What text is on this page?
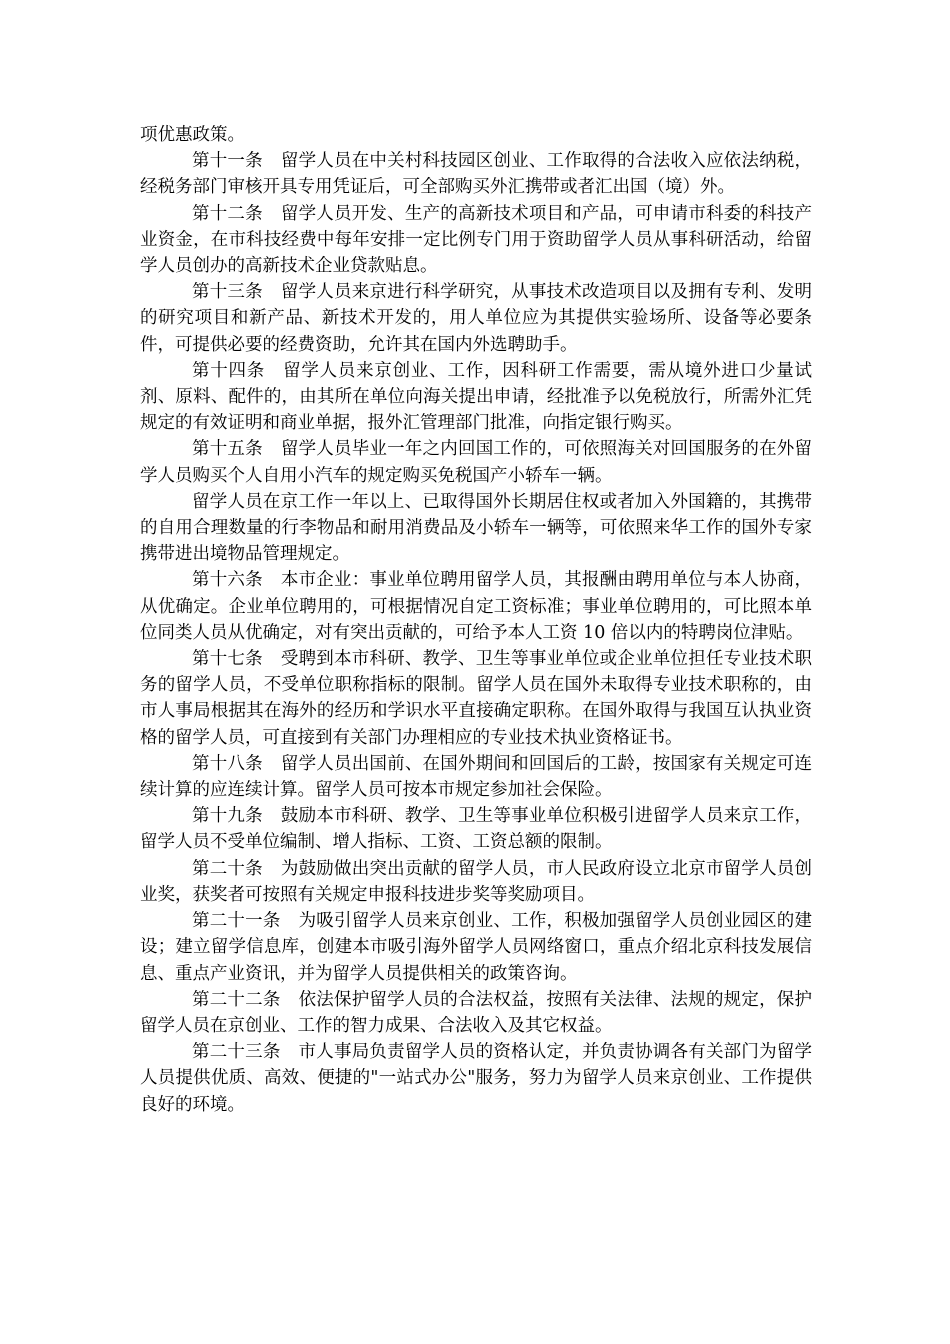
项优惠政策。

第十一条 留学人员在中关村科技园区创业、工作取得的合法收入应依法纳税，经税务部门审核开具专用凭证后，可全部购买外汇携带或者汇出国（境）外。

第十二条 留学人员开发、生产的高新技术项目和产品，可申请市科委的科技产业资金，在市科技经费中每年安排一定比例专门用于资助留学人员从事科研活动，给留学人员创办的高新技术企业贷款贴息。

第十三条 留学人员来京进行科学研究，从事技术改造项目以及拥有专利、发明的研究项目和新产品、新技术开发的，用人单位应为其提供实验场所、设备等必要条件，可提供必要的经费资助，允许其在国内外选聘助手。

第十四条 留学人员来京创业、工作，因科研工作需要，需从境外进口少量试剂、原料、配件的，由其所在单位向海关提出申请，经批准予以免税放行，所需外汇凭规定的有效证明和商业单据，报外汇管理部门批准，向指定银行购买。

第十五条 留学人员毕业一年之内回国工作的，可依照海关对回国服务的在外留学人员购买个人自用小汽车的规定购买免税国产小轿车一辆。

留学人员在京工作一年以上、已取得国外长期居住权或者加入外国籍的，其携带的自用合理数量的行李物品和耐用消费品及小轿车一辆等，可依照来华工作的国外专家携带进出境物品管理规定。

第十六条 本市企业：事业单位聘用留学人员，其报酬由聘用单位与本人协商，从优确定。企业单位聘用的，可根据情况自定工资标准；事业单位聘用的，可比照本单位同类人员从优确定，对有突出贡献的，可给予本人工资 10 倍以内的特聘岗位津贴。

第十七条 受聘到本市科研、教学、卫生等事业单位或企业单位担任专业技术职务的留学人员，不受单位职称指标的限制。留学人员在国外未取得专业技术职称的，由市人事局根据其在海外的经历和学识水平直接确定职称。在国外取得与我国互认执业资格的留学人员，可直接到有关部门办理相应的专业技术执业资格证书。

第十八条 留学人员出国前、在国外期间和回国后的工龄，按国家有关规定可连续计算的应连续计算。留学人员可按本市规定参加社会保险。

第十九条 鼓励本市科研、教学、卫生等事业单位积极引进留学人员来京工作，留学人员不受单位编制、增人指标、工资、工资总额的限制。

第二十条 为鼓励做出突出贡献的留学人员，市人民政府设立北京市留学人员创业奖，获奖者可按照有关规定申报科技进步奖等奖励项目。

第二十一条 为吸引留学人员来京创业、工作，积极加强留学人员创业园区的建设；建立留学信息库，创建本市吸引海外留学人员网络窗口，重点介绍北京科技发展信息、重点产业资讯，并为留学人员提供相关的政策咨询。

第二十二条 依法保护留学人员的合法权益，按照有关法律、法规的规定，保护留学人员在京创业、工作的智力成果、合法收入及其它权益。

第二十三条 市人事局负责留学人员的资格认定，并负责协调各有关部门为留学人员提供优质、高效、便捷的"一站式办公"服务，努力为留学人员来京创业、工作提供良好的环境。
